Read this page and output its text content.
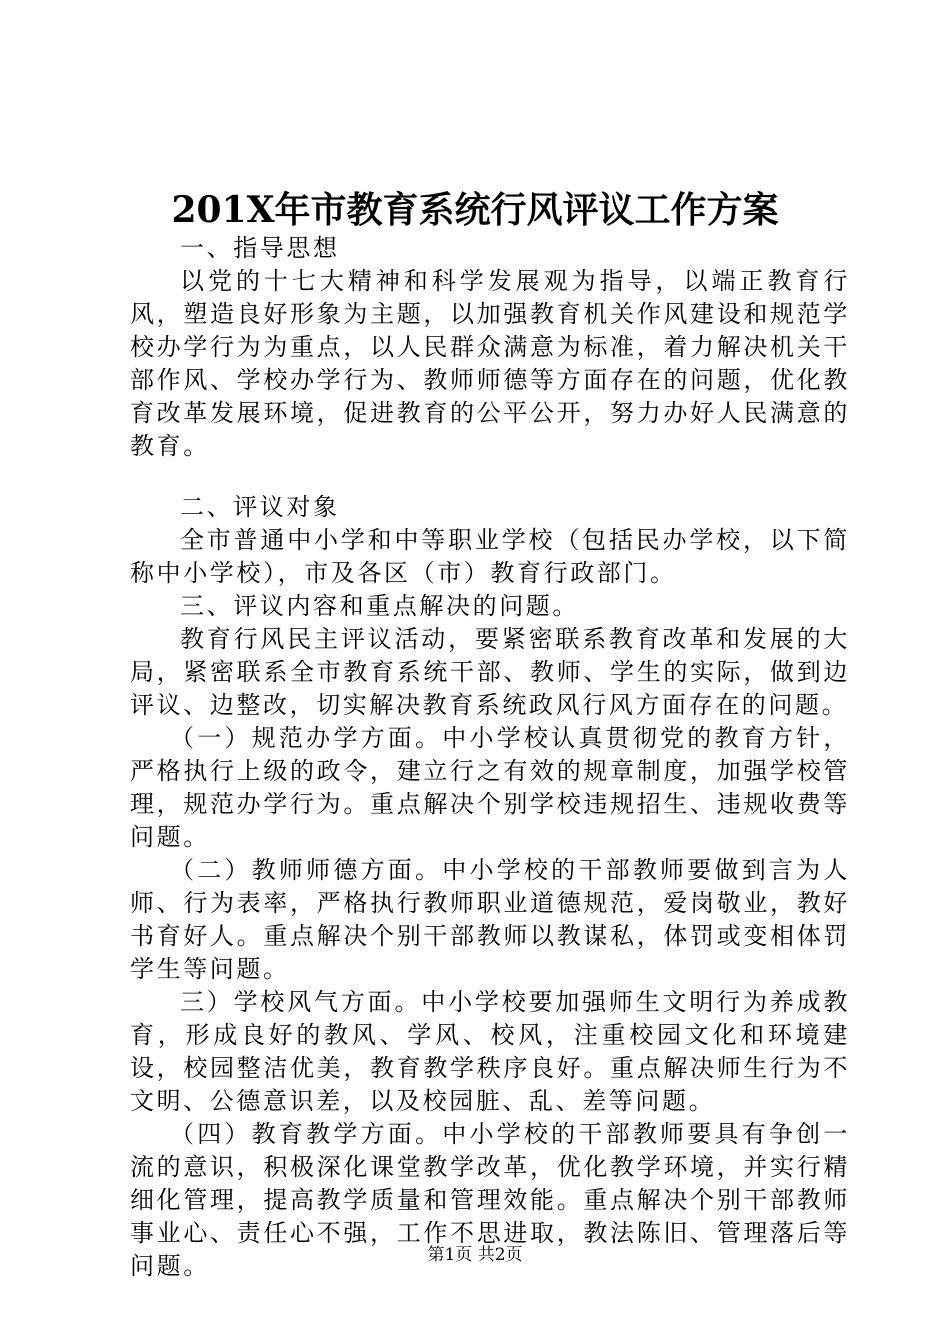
201X年市教育系统行风评议工作方案

一、指导思想

以党的十七大精神和科学发展观为指导，以端正教育行风，塑造良好形象为主题，以加强教育机关作风建设和规范学校办学行为为重点，以人民群众满意为标准，着力解决机关干部作风、学校办学行为、教师师德等方面存在的问题，优化教育改革发展环境，促进教育的公平公开，努力办好人民满意的教育。

二、评议对象

全市普通中小学和中等职业学校（包括民办学校，以下简称中小学校），市及各区（市）教育行政部门。

三、评议内容和重点解决的问题。

教育行风民主评议活动，要紧密联系教育改革和发展的大局，紧密联系全市教育系统干部、教师、学生的实际，做到边评议、边整改，切实解决教育系统政风行风方面存在的问题。

（一）规范办学方面。中小学校认真贯彻党的教育方针，严格执行上级的政令，建立行之有效的规章制度，加强学校管理，规范办学行为。重点解决个别学校违规招生、违规收费等问题。

（二）教师师德方面。中小学校的干部教师要做到言为人师、行为表率，严格执行教师职业道德规范，爱岗敬业，教好书育好人。重点解决个别干部教师以教谋私，体罚或变相体罚学生等问题。

三）学校风气方面。中小学校要加强师生文明行为养成教育，形成良好的教风、学风、校风，注重校园文化和环境建设，校园整洁优美，教育教学秩序良好。重点解决师生行为不文明、公德意识差，以及校园脏、乱、差等问题。

（四）教育教学方面。中小学校的干部教师要具有争创一流的意识，积极深化课堂教学改革，优化教学环境，并实行精细化管理，提高教学质量和管理效能。重点解决个别干部教师事业心、责任心不强，工作不思进取，教法陈旧、管理落后等问题。	第1页 共2页
